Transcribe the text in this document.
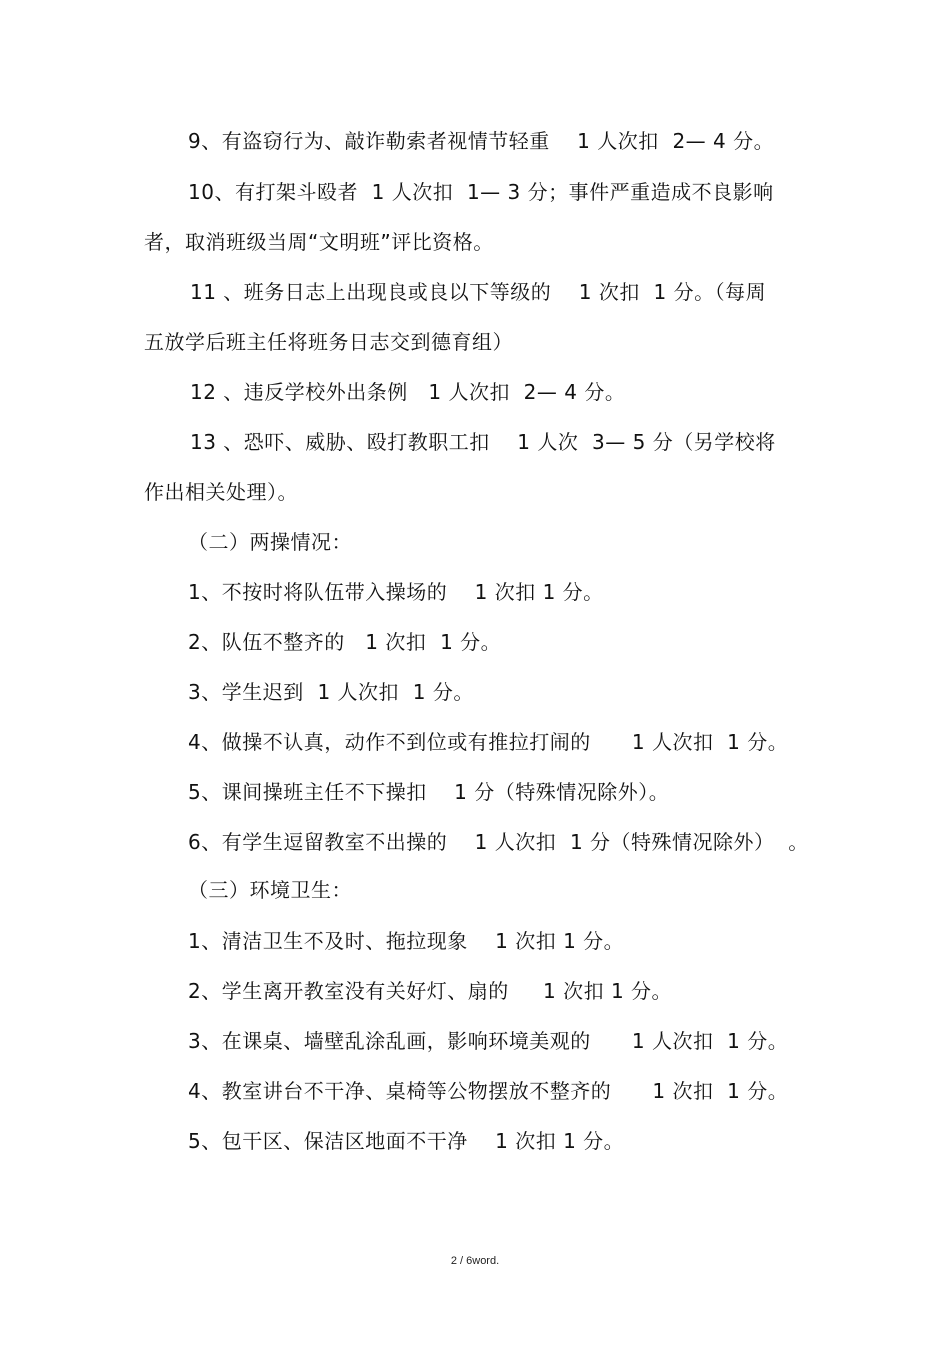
9、有盗窃行为、敲诈勒索者视情节轻重    1 人次扣  2— 4 分。
10、有打架斗殴者  1 人次扣  1— 3 分；事件严重造成不良影响
者，取消班级当周“文明班”评比资格。
11 、班务日志上出现良或良以下等级的    1 次扣  1 分。（每周
五放学后班主任将班务日志交到德育组）
12 、违反学校外出条例   1 人次扣  2— 4 分。
13 、恐吓、威胁、殴打教职工扣    1 人次  3— 5 分（另学校将
作出相关处理）。
（二）两操情况：
1、不按时将队伍带入操场的    1 次扣 1 分。
2、队伍不整齐的   1 次扣  1 分。
3、学生迟到  1 人次扣  1 分。
4、做操不认真，动作不到位或有推拉打闹的      1 人次扣  1 分。
5、课间操班主任不下操扣    1 分（特殊情况除外）。
6、有学生逗留教室不出操的    1 人次扣  1 分（特殊情况除外）  。
（三）环境卫生：
1、清洁卫生不及时、拖拉现象    1 次扣 1 分。
2、学生离开教室没有关好灯、扇的     1 次扣 1 分。
3、在课桌、墙壁乱涂乱画，影响环境美观的      1 人次扣  1 分。
4、教室讲台不干净、桌椅等公物摆放不整齐的      1 次扣  1 分。
5、包干区、保洁区地面不干净    1 次扣 1 分。
2 / 6word.
